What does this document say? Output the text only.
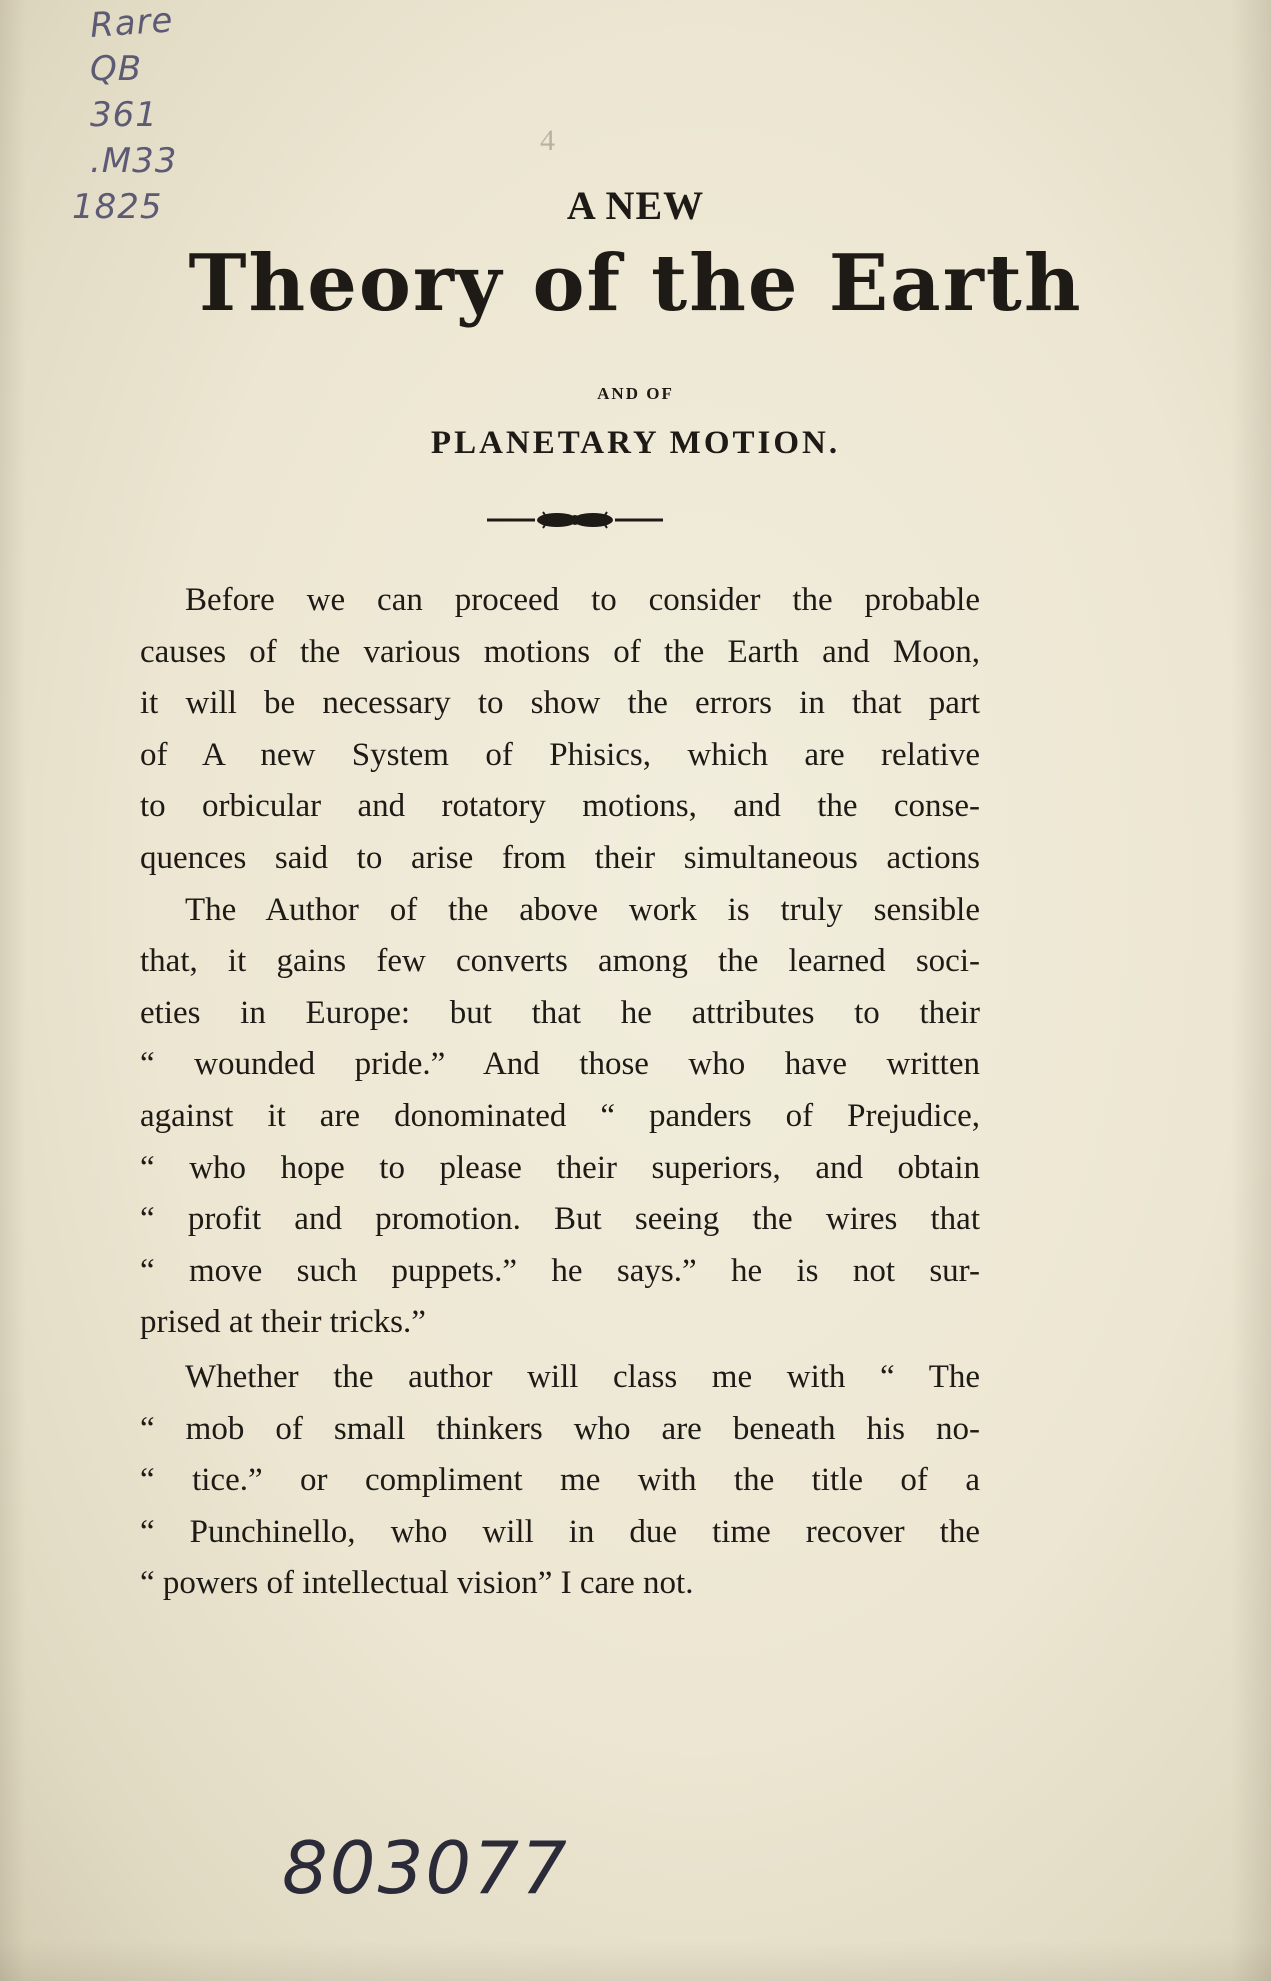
Rare
QB
361
.M33
1825
4
A NEW
Theory of the Earth
AND OF
PLANETARY MOTION.
Before we can proceed to consider the probable
causes of the various motions of the Earth and Moon,
it will be necessary to show the errors in that part
of A new System of Phisics, which are relative
to orbicular and rotatory motions, and the conse-
quences said to arise from their simultaneous actions
The Author of the above work is truly sensible
that, it gains few converts among the learned soci-
eties in Europe: but that he attributes to their
“ wounded pride.” And those who have written
against it are donominated “ panders of Prejudice,
“ who hope to please their superiors, and obtain
“ profit and promotion. But seeing the wires that
“ move such puppets.” he says.” he is not sur-
prised at their tricks.”
Whether the author will class me with “ The
“ mob of small thinkers who are beneath his no-
“ tice.” or compliment me with the title of a
“ Punchinello, who will in due time recover the
“ powers of intellectual vision” I care not.
803077
